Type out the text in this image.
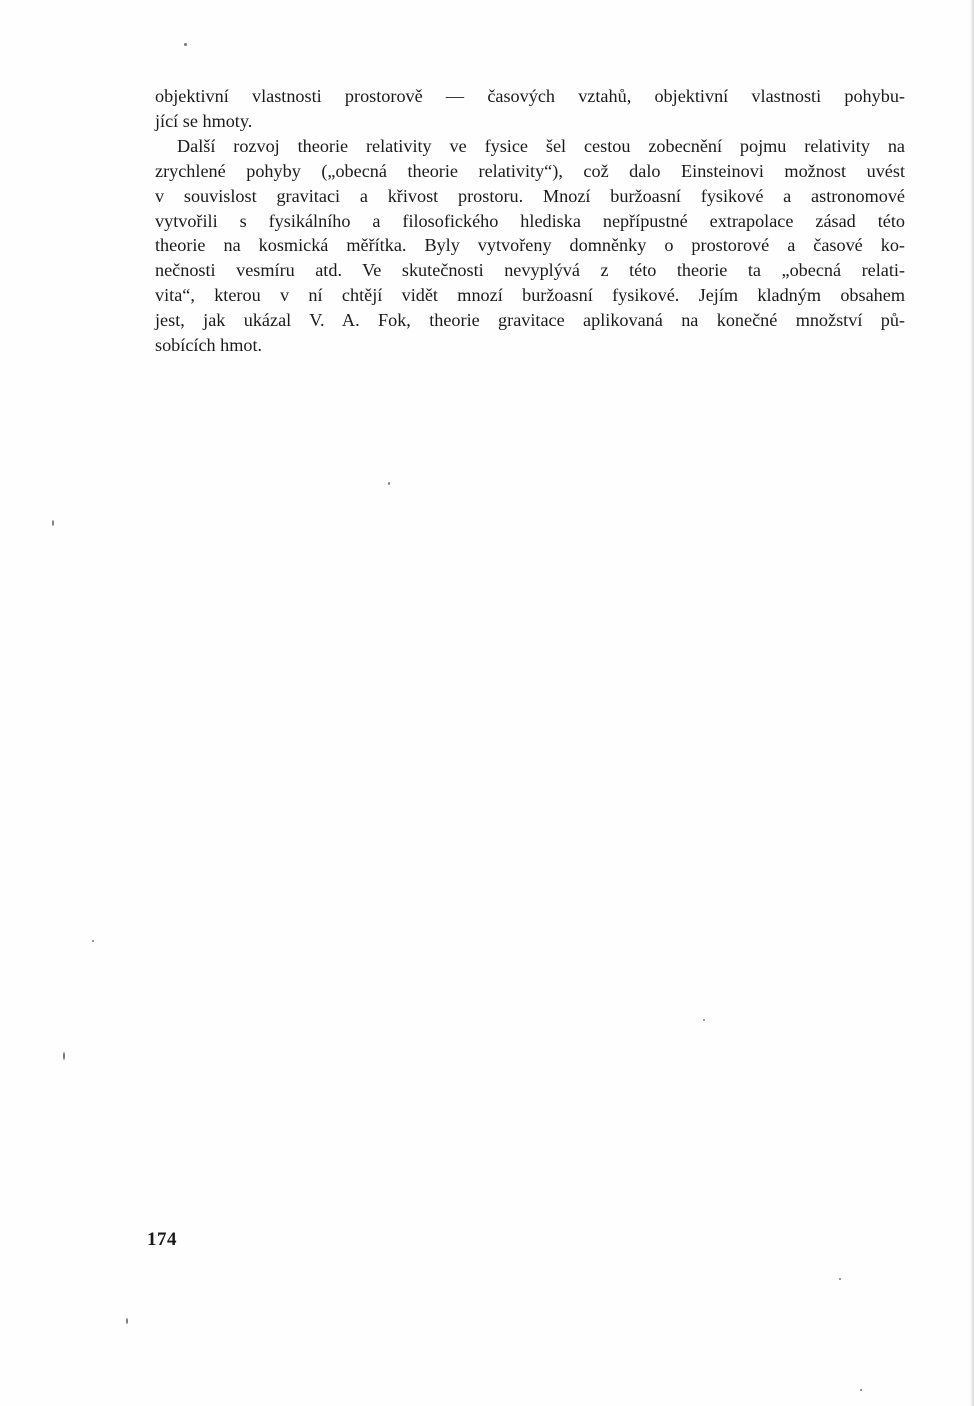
objektivní vlastnosti prostorově — časových vztahů, objektivní vlastnosti pohybu-
jící se hmoty.
Další rozvoj theorie relativity ve fysice šel cestou zobecnění pojmu relativity na
zrychlené pohyby („obecná theorie relativity“), což dalo Einsteinovi možnost uvést
v souvislost gravitaci a křivost prostoru. Mnozí buržoasní fysikové a astronomové
vytvořili s fysikálního a filosofického hlediska nepřípustné extrapolace zásad této
theorie na kosmická měřítka. Byly vytvořeny domněnky o prostorové a časové ko-
nečnosti vesmíru atd. Ve skutečnosti nevyplývá z této theorie ta „obecná relati-
vita“, kterou v ní chtějí vidět mnozí buržoasní fysikové. Jejím kladným obsahem
jest, jak ukázal V. A. Fok, theorie gravitace aplikovaná na konečné množství pů-
sobících hmot.
174
